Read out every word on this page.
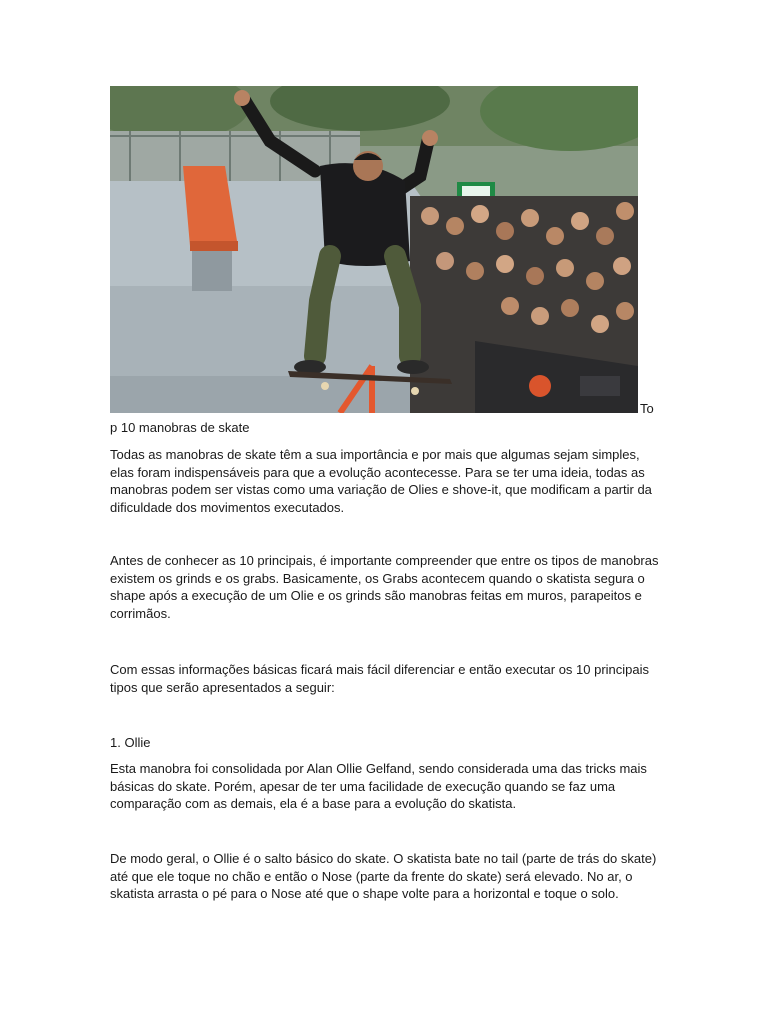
To
p 10 manobras de skate

Todas as manobras de skate têm a sua importância e por mais que algumas sejam simples, elas foram indispensáveis para que a evolução acontecesse. Para se ter uma ideia, todas as manobras podem ser vistas como uma variação de Olies e shove-it, que modificam a partir da dificuldade dos movimentos executados.

Antes de conhecer as 10 principais, é importante compreender que entre os tipos de manobras existem os grinds e os grabs. Basicamente, os Grabs acontecem quando o skatista segura o shape após a execução de um Olie e os grinds são manobras feitas em muros, parapeitos e corrimãos.

Com essas informações básicas ficará mais fácil diferenciar e então executar os 10 principais tipos que serão apresentados a seguir:

1. Ollie

Esta manobra foi consolidada por Alan Ollie Gelfand, sendo considerada uma das tricks mais básicas do skate. Porém, apesar de ter uma facilidade de execução quando se faz uma comparação com as demais, ela é a base para a evolução do skatista.

De modo geral, o Ollie é o salto básico do skate. O skatista bate no tail (parte de trás do skate) até que ele toque no chão e então o Nose (parte da frente do skate) será elevado. No ar, o skatista arrasta o pé para o Nose até que o shape volte para a horizontal e toque o solo.
